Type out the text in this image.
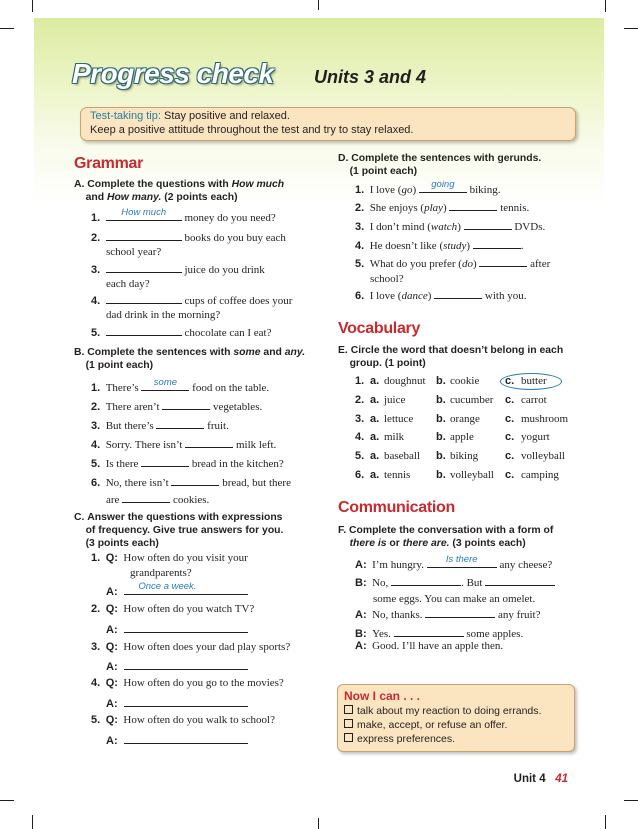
Progress check Units 3 and 4
Test-taking tip: Stay positive and relaxed.
Keep a positive attitude throughout the test and try to stay relaxed.
Grammar
A. Complete the questions with How much
and How many. (2 points each)
1.	How much	money do you need?
2.	books do you buy each
school year?
3.	juice do you drink
each day?
4.	cups of coffee does your
dad drink in the morning?
5.	chocolate can I eat?
B. Complete the sentences with some and any.
(1 point each)
1. There’s	some	food on the table.
2. There aren’t	vegetables.
3. But there’s	fruit.
4. Sorry. There isn’t	milk left.
5. Is there	bread in the kitchen?
6. No, there isn’t	bread, but there
are	cookies.
C. Answer the questions with expressions
of frequency. Give true answers for you.
(3 points each)
1. Q: How often do you visit your
grandparents?
A: Once a week.
2. Q: How often do you watch TV?
A:
3. Q: How often does your dad play sports?
A:
4. Q: How often do you go to the movies?
A:
5. Q: How often do you walk to school?
A:
D. Complete the sentences with gerunds.
(1 point each)
1. I love (go)	going	biking.
2. She enjoys (play)	tennis.
3. I don’t mind (watch)	DVDs.
4. He doesn’t like (study)	.
5. What do you prefer (do)	after
school?
6. I love (dance)	with you.
Vocabulary
E. Circle the word that doesn’t belong in each
group. (1 point)
1. a. doughnut b. cookie c. butter
2. a. juice	b. cucumber c. carrot
3. a. lettuce b. orange c. mushroom
4. a. milk	b. apple	c. yogurt
5. a. baseball b. biking c. volleyball
6. a. tennis b. volleyball c. camping
Communication
F. Complete the conversation with a form of
there is or there are. (3 points each)
A: I’m hungry.	Is there	any cheese?
B: No,	. But
some eggs. You can make an omelet.
A: No, thanks.	any fruit?
B: Yes.	some apples.
A: Good. I’ll have an apple then.
Now I can . . .
talk about my reaction to doing errands.
make, accept, or refuse an offer.
express preferences.
Unit 4 41
